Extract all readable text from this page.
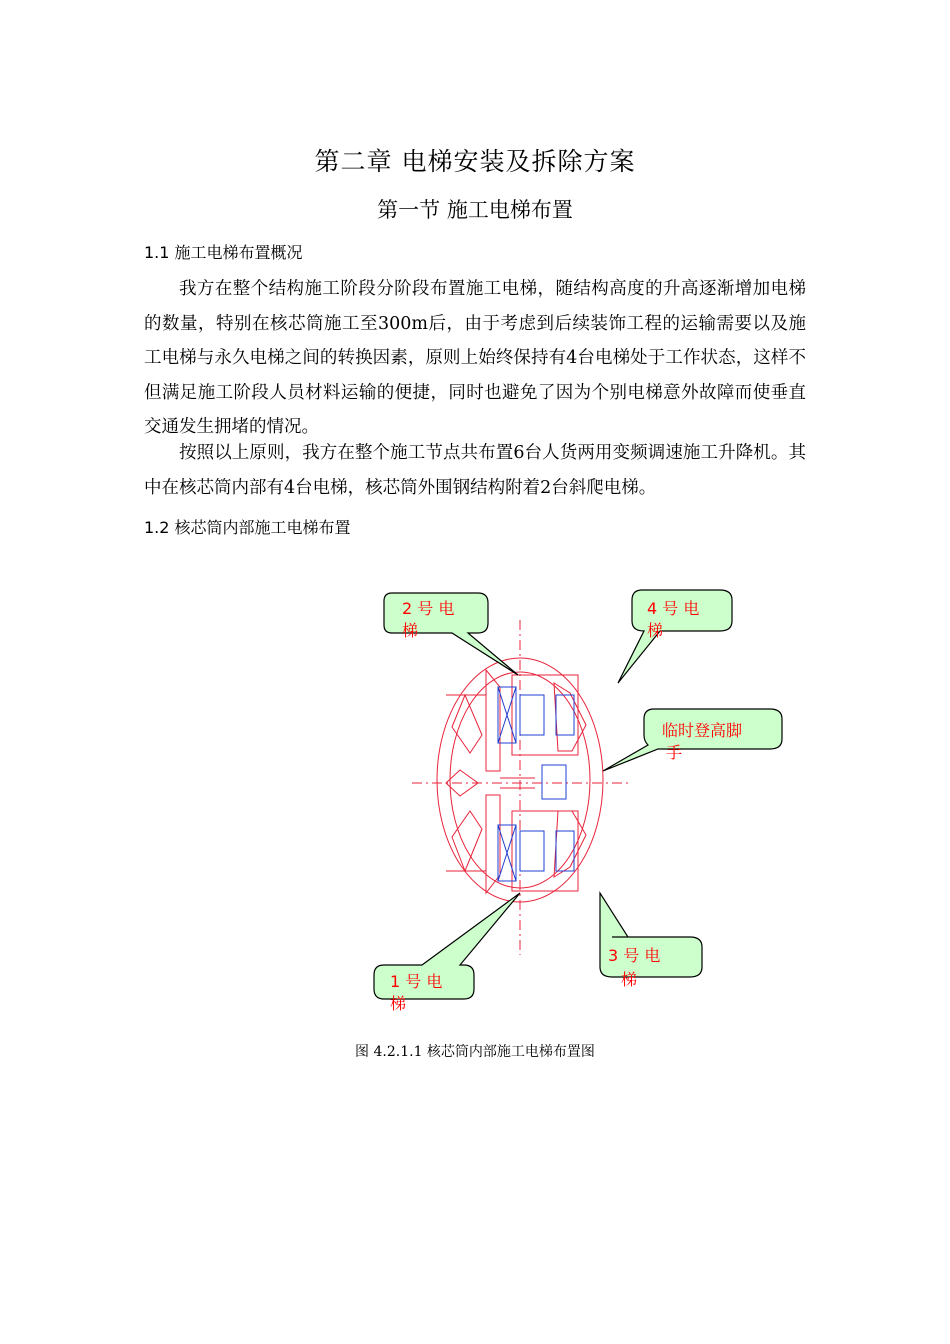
第二章 电梯安装及拆除方案
第一节 施工电梯布置
1.1 施工电梯布置概况

我方在整个结构施工阶段分阶段布置施工电梯，随结构高度的升高逐渐增加电梯的数量，特别在核芯筒施工至300m后，由于考虑到后续装饰工程的运输需要以及施工电梯与永久电梯之间的转换因素，原则上始终保持有4台电梯处于工作状态，这样不但满足施工阶段人员材料运输的便捷，同时也避免了因为个别电梯意外故障而使垂直交通发生拥堵的情况。

按照以上原则，我方在整个施工节点共布置6台人货两用变频调速施工升降机。其中在核芯筒内部有4台电梯，核芯筒外围钢结构附着2台斜爬电梯。

1.2 核芯筒内部施工电梯布置
2 号 电
梯
4 号 电
梯
临时登高脚
手
3 号 电
梯
1 号 电
梯
图 4.2.1.1 核芯筒内部施工电梯布置图
